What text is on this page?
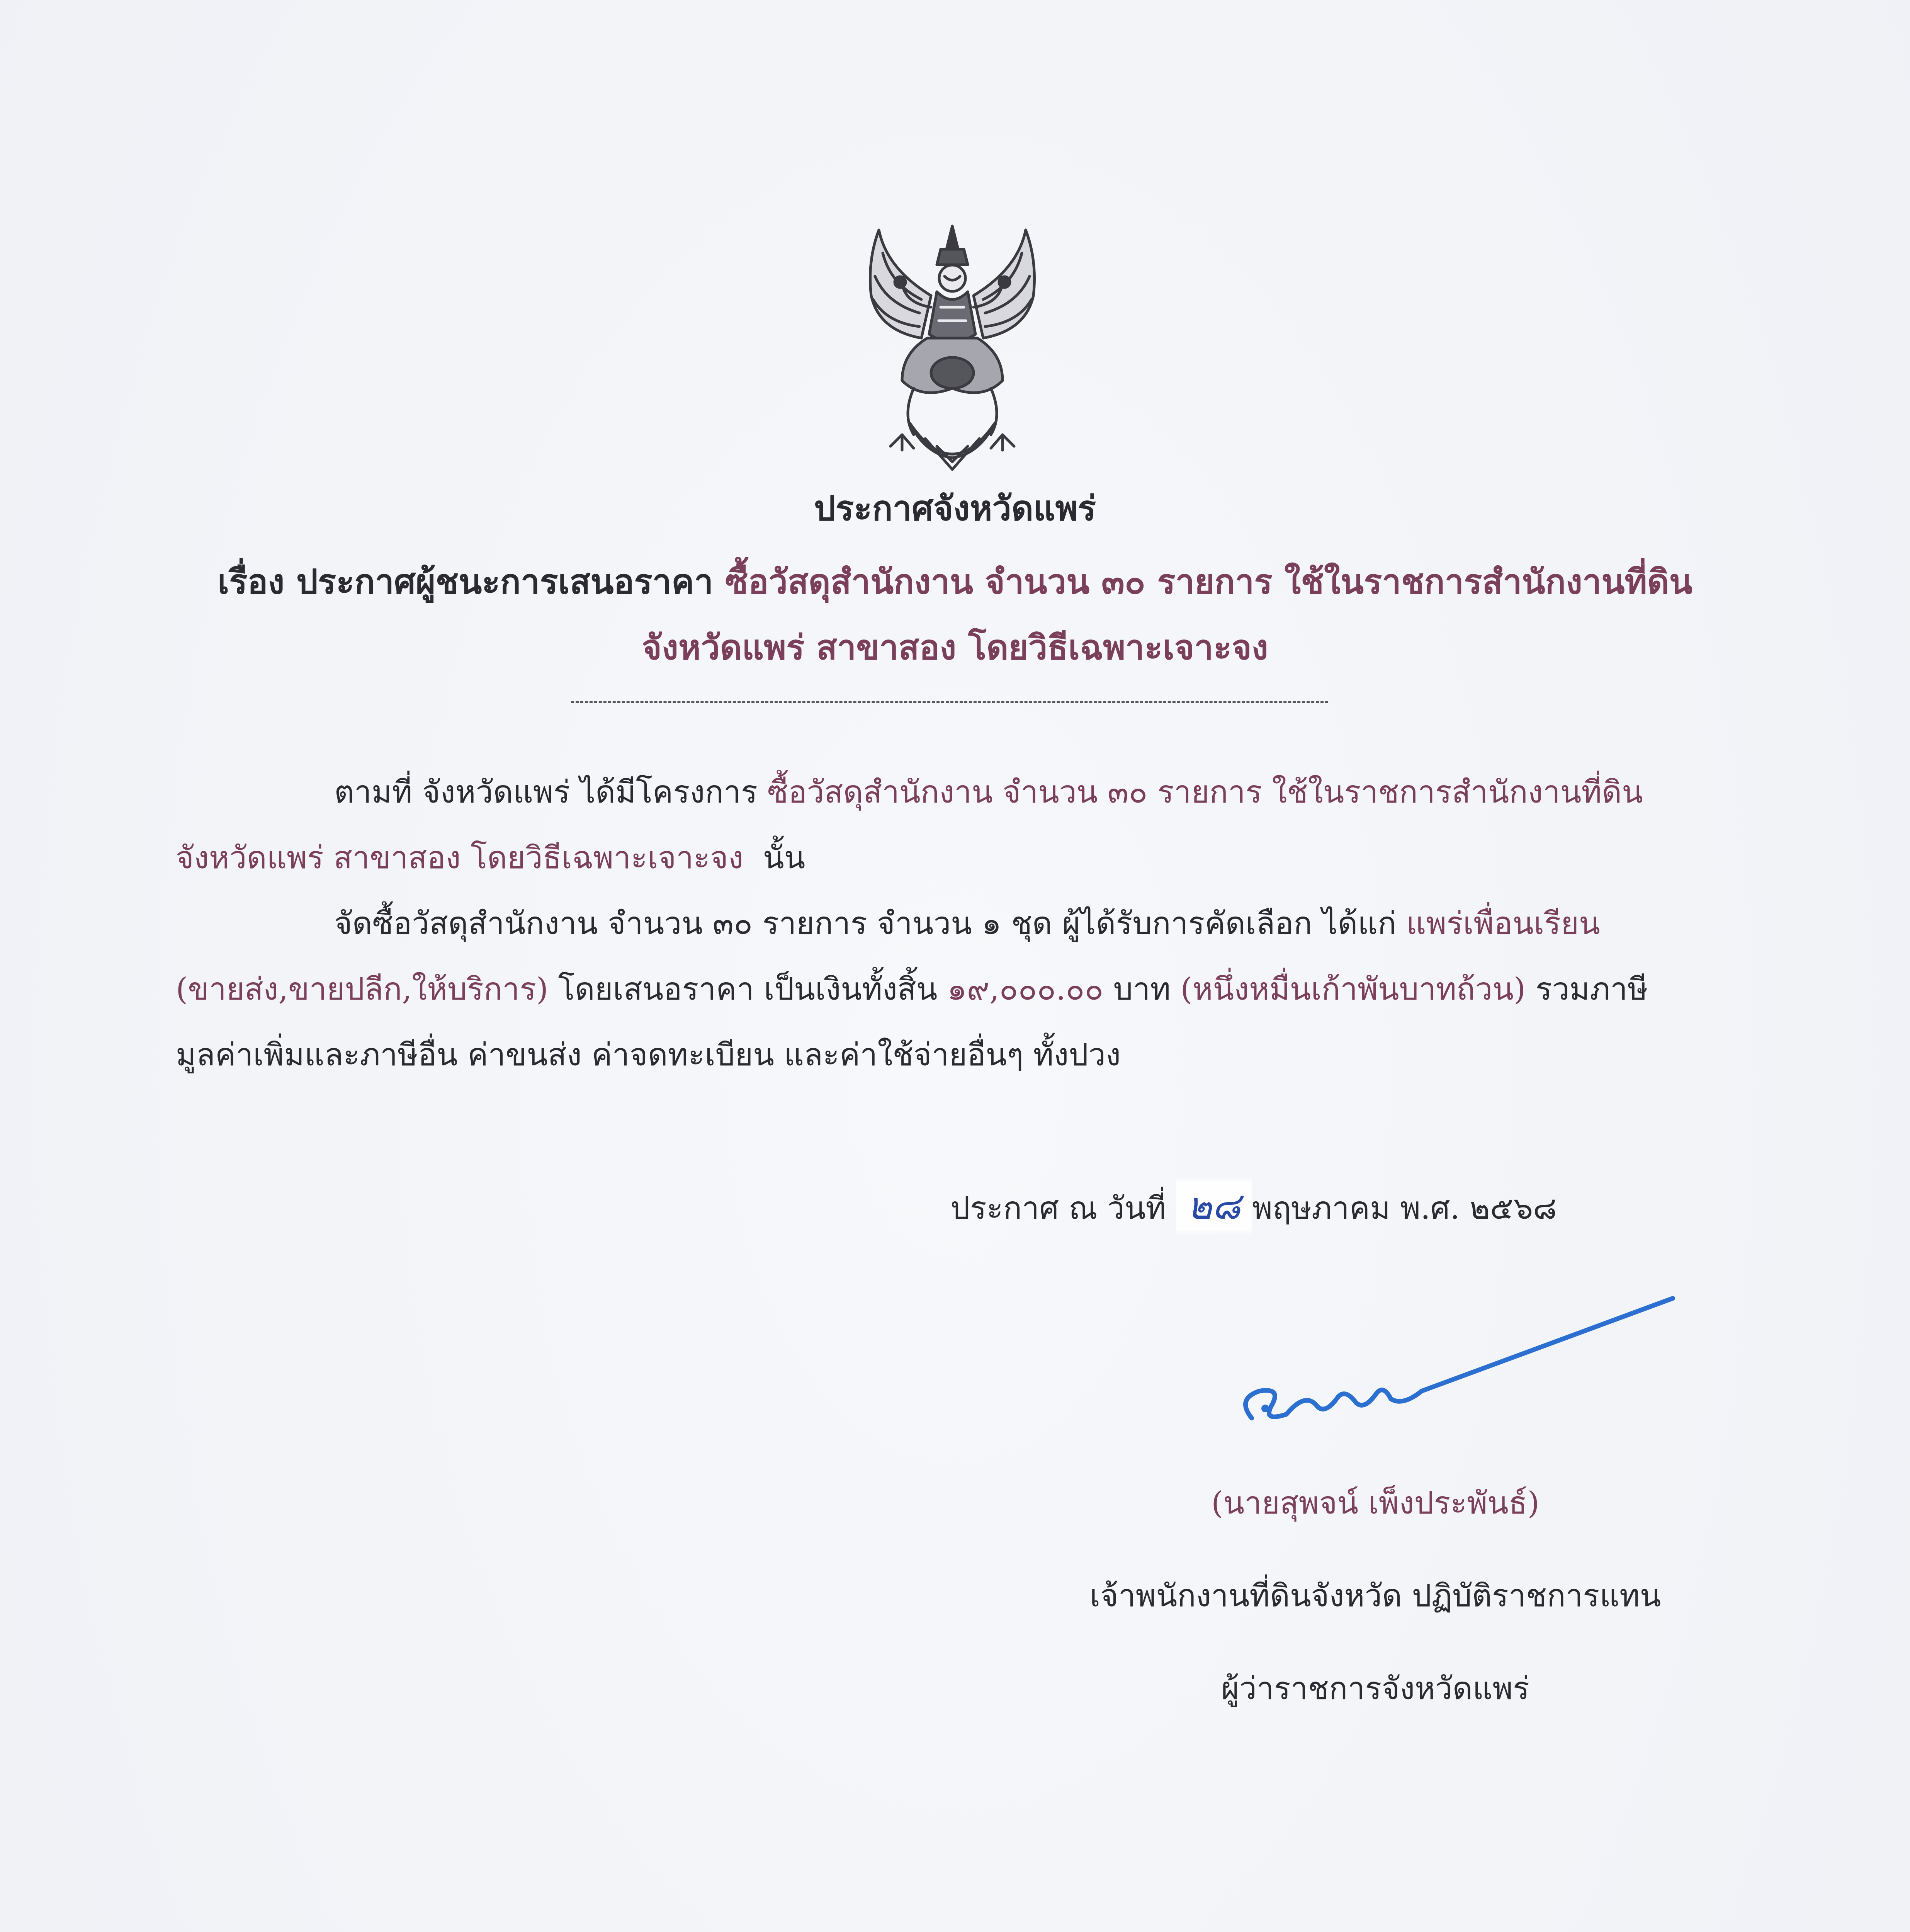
ประกาศจังหวัดแพร่
เรื่อง ประกาศผู้ชนะการเสนอราคา ซื้อวัสดุสำนักงาน จำนวน ๓๐ รายการ ใช้ในราชการสำนักงานที่ดิน
จังหวัดแพร่ สาขาสอง โดยวิธีเฉพาะเจาะจง
ตามที่ จังหวัดแพร่ ได้มีโครงการ ซื้อวัสดุสำนักงาน จำนวน ๓๐ รายการ ใช้ในราชการสำนักงานที่ดิน จังหวัดแพร่ สาขาสอง โดยวิธีเฉพาะเจาะจง นั้น
จัดซื้อวัสดุสำนักงาน จำนวน ๓๐ รายการ จำนวน ๑ ชุด ผู้ได้รับการคัดเลือก ได้แก่ แพร่เพื่อนเรียน (ขายส่ง,ขายปลีก,ให้บริการ) โดยเสนอราคา เป็นเงินทั้งสิ้น ๑๙,๐๐๐.๐๐ บาท (หนึ่งหมื่นเก้าพันบาทถ้วน) รวมภาษีมูลค่าเพิ่มและภาษีอื่น ค่าขนส่ง ค่าจดทะเบียน และค่าใช้จ่ายอื่นๆ ทั้งปวง
ประกาศ ณ วันที่ ๒๘ พฤษภาคม พ.ศ. ๒๕๖๘
(นายสุพจน์ เพ็งประพันธ์)
เจ้าพนักงานที่ดินจังหวัด ปฏิบัติราชการแทน
ผู้ว่าราชการจังหวัดแพร่
